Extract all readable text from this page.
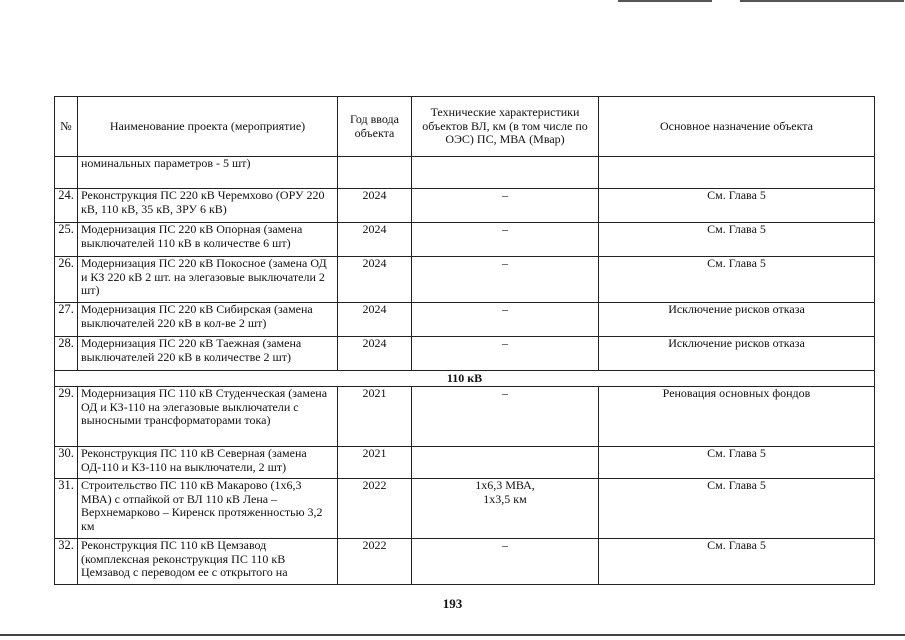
№	Наименование проекта (мероприятие)	Год ввода объекта	Технические характеристики объектов ВЛ, км (в том числе по ОЭС) ПС, МВА (Мвар)	Основное назначение объекта
	номинальных параметров - 5 шт)			
24.	Реконструкция ПС 220 кВ Черемхово (ОРУ 220 кВ, 110 кВ, 35 кВ, ЗРУ 6 кВ)	2024	–	См. Глава 5
25.	Модернизация ПС 220 кВ Опорная (замена выключателей 110 кВ в количестве 6 шт)	2024	–	См. Глава 5
26.	Модернизация ПС 220 кВ Покосное (замена ОД и КЗ 220 кВ 2 шт. на элегазовые выключатели 2 шт)	2024	–	См. Глава 5
27.	Модернизация ПС 220 кВ Сибирская (замена выключателей 220 кВ в кол-ве 2 шт)	2024	–	Исключение рисков отказа
28.	Модернизация ПС 220 кВ Таежная (замена выключателей 220 кВ в количестве 2 шт)	2024	–	Исключение рисков отказа
110 кВ				
29.	Модернизация ПС 110 кВ Студенческая (замена ОД и КЗ-110 на элегазовые выключатели с выносными трансформаторами тока)	2021	–	Реновация основных фондов
30.	Реконструкция ПС 110 кВ Северная (замена ОД-110 и КЗ-110 на выключатели, 2 шт)	2021		См. Глава 5
31.	Строительство ПС 110 кВ Макарово (1х6,3 МВА) с отпайкой от ВЛ 110 кВ Лена – Верхнемарково – Киренск протяженностью 3,2 км	2022	1х6,3 МВА,
1х3,5 км	См. Глава 5
32.	Реконструкция ПС 110 кВ Цемзавод (комплексная реконструкция ПС 110 кВ Цемзавод с переводом ее с открытого на	2022	–	См. Глава 5
193
